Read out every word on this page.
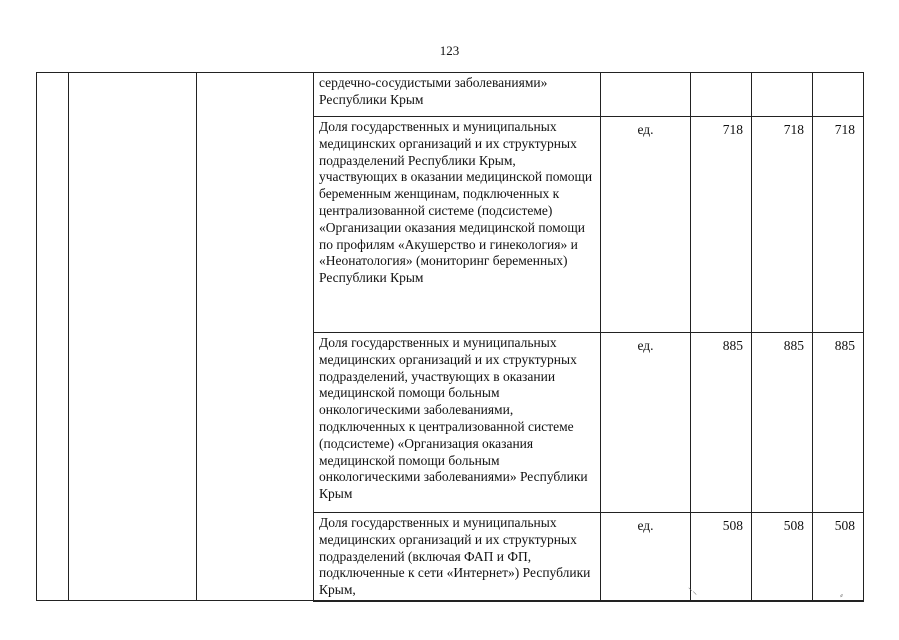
123
			сердечно-сосудистыми заболеваниями» Республики Крым				
			Доля государственных и муниципальных медицинских организаций и их структурных подразделений Республики Крым, участвующих в оказании медицинской помощи беременным женщинам, подключенных к централизованной системе (подсистеме) «Организации оказания медицинской помощи по профилям «Акушерство и гинекология» и «Неонатология» (мониторинг беременных) Республики Крым	ед.	718	718	718
			Доля государственных и муниципальных медицинских организаций и их структурных подразделений, участвующих в оказании медицинской помощи больным онкологическими заболеваниями, подключенных к централизованной системе (подсистеме) «Организация оказания медицинской помощи больным онкологическими заболеваниями» Республики Крым	ед.	885	885	885
			Доля государственных и муниципальных медицинских организаций и их структурных подразделений (включая ФАП и ФП, подключенные к сети «Интернет») Республики Крым,	ед.	508	508	508
⸌⸜	⸗
